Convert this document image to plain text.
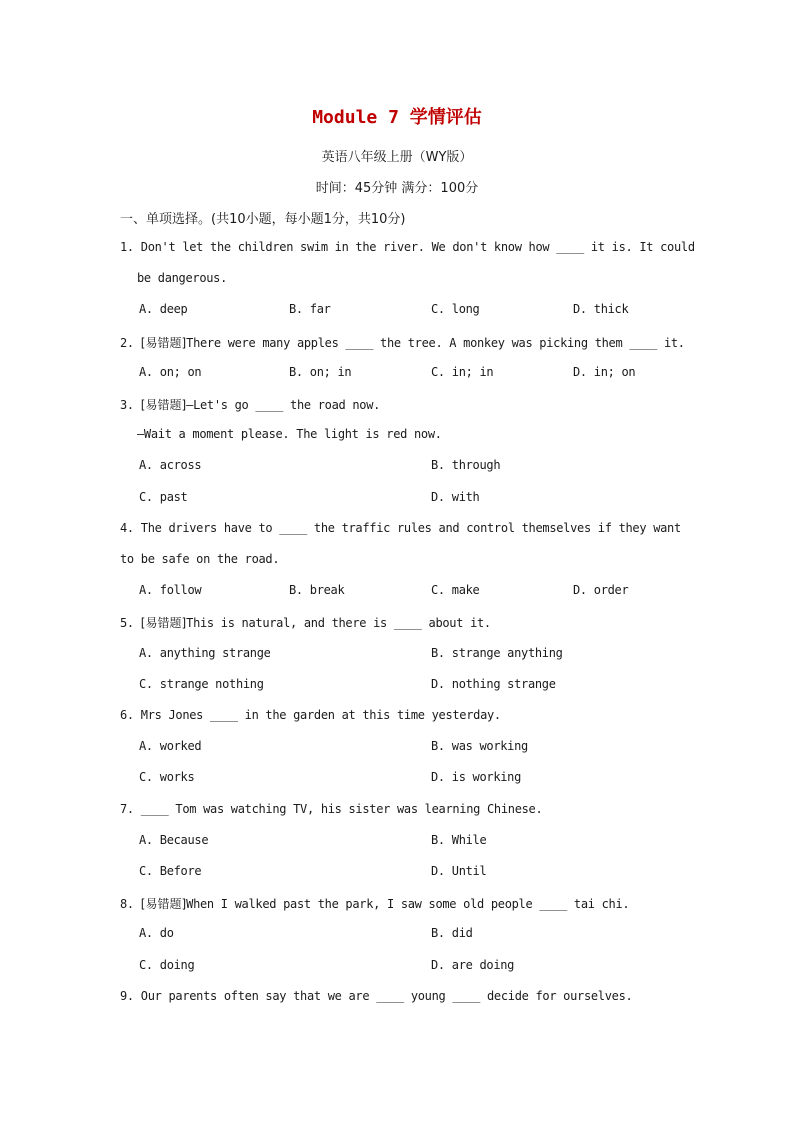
Module 7 学情评估
英语八年级上册（WY版）
时间：45分钟 满分：100分
一、单项选择。(共10小题，每小题1分，共10分)
1. Don't let the children swim in the river. We don't know how ____ it is. It could
be dangerous.
A. deep	B. far	C. long	D. thick
2. [易错题]There were many apples ____ the tree. A monkey was picking them ____ it.
A. on; on	B. on; in	C. in; in	D. in; on
3. [易错题]—Let's go ____ the road now.
—Wait a moment please. The light is red now.
A. across	B. through
C. past	D. with
4. The drivers have to ____ the traffic rules and control themselves if they want
to be safe on the road.
A. follow	B. break	C. make	D. order
5. [易错题]This is natural, and there is ____ about it.
A. anything strange	B. strange anything
C. strange nothing	D. nothing strange
6. Mrs Jones ____ in the garden at this time yesterday.
A. worked	B. was working
C. works	D. is working
7. ____ Tom was watching TV, his sister was learning Chinese.
A. Because	B. While
C. Before	D. Until
8. [易错题]When I walked past the park, I saw some old people ____ tai chi.
A. do	B. did
C. doing	D. are doing
9. Our parents often say that we are ____ young ____ decide for ourselves.
